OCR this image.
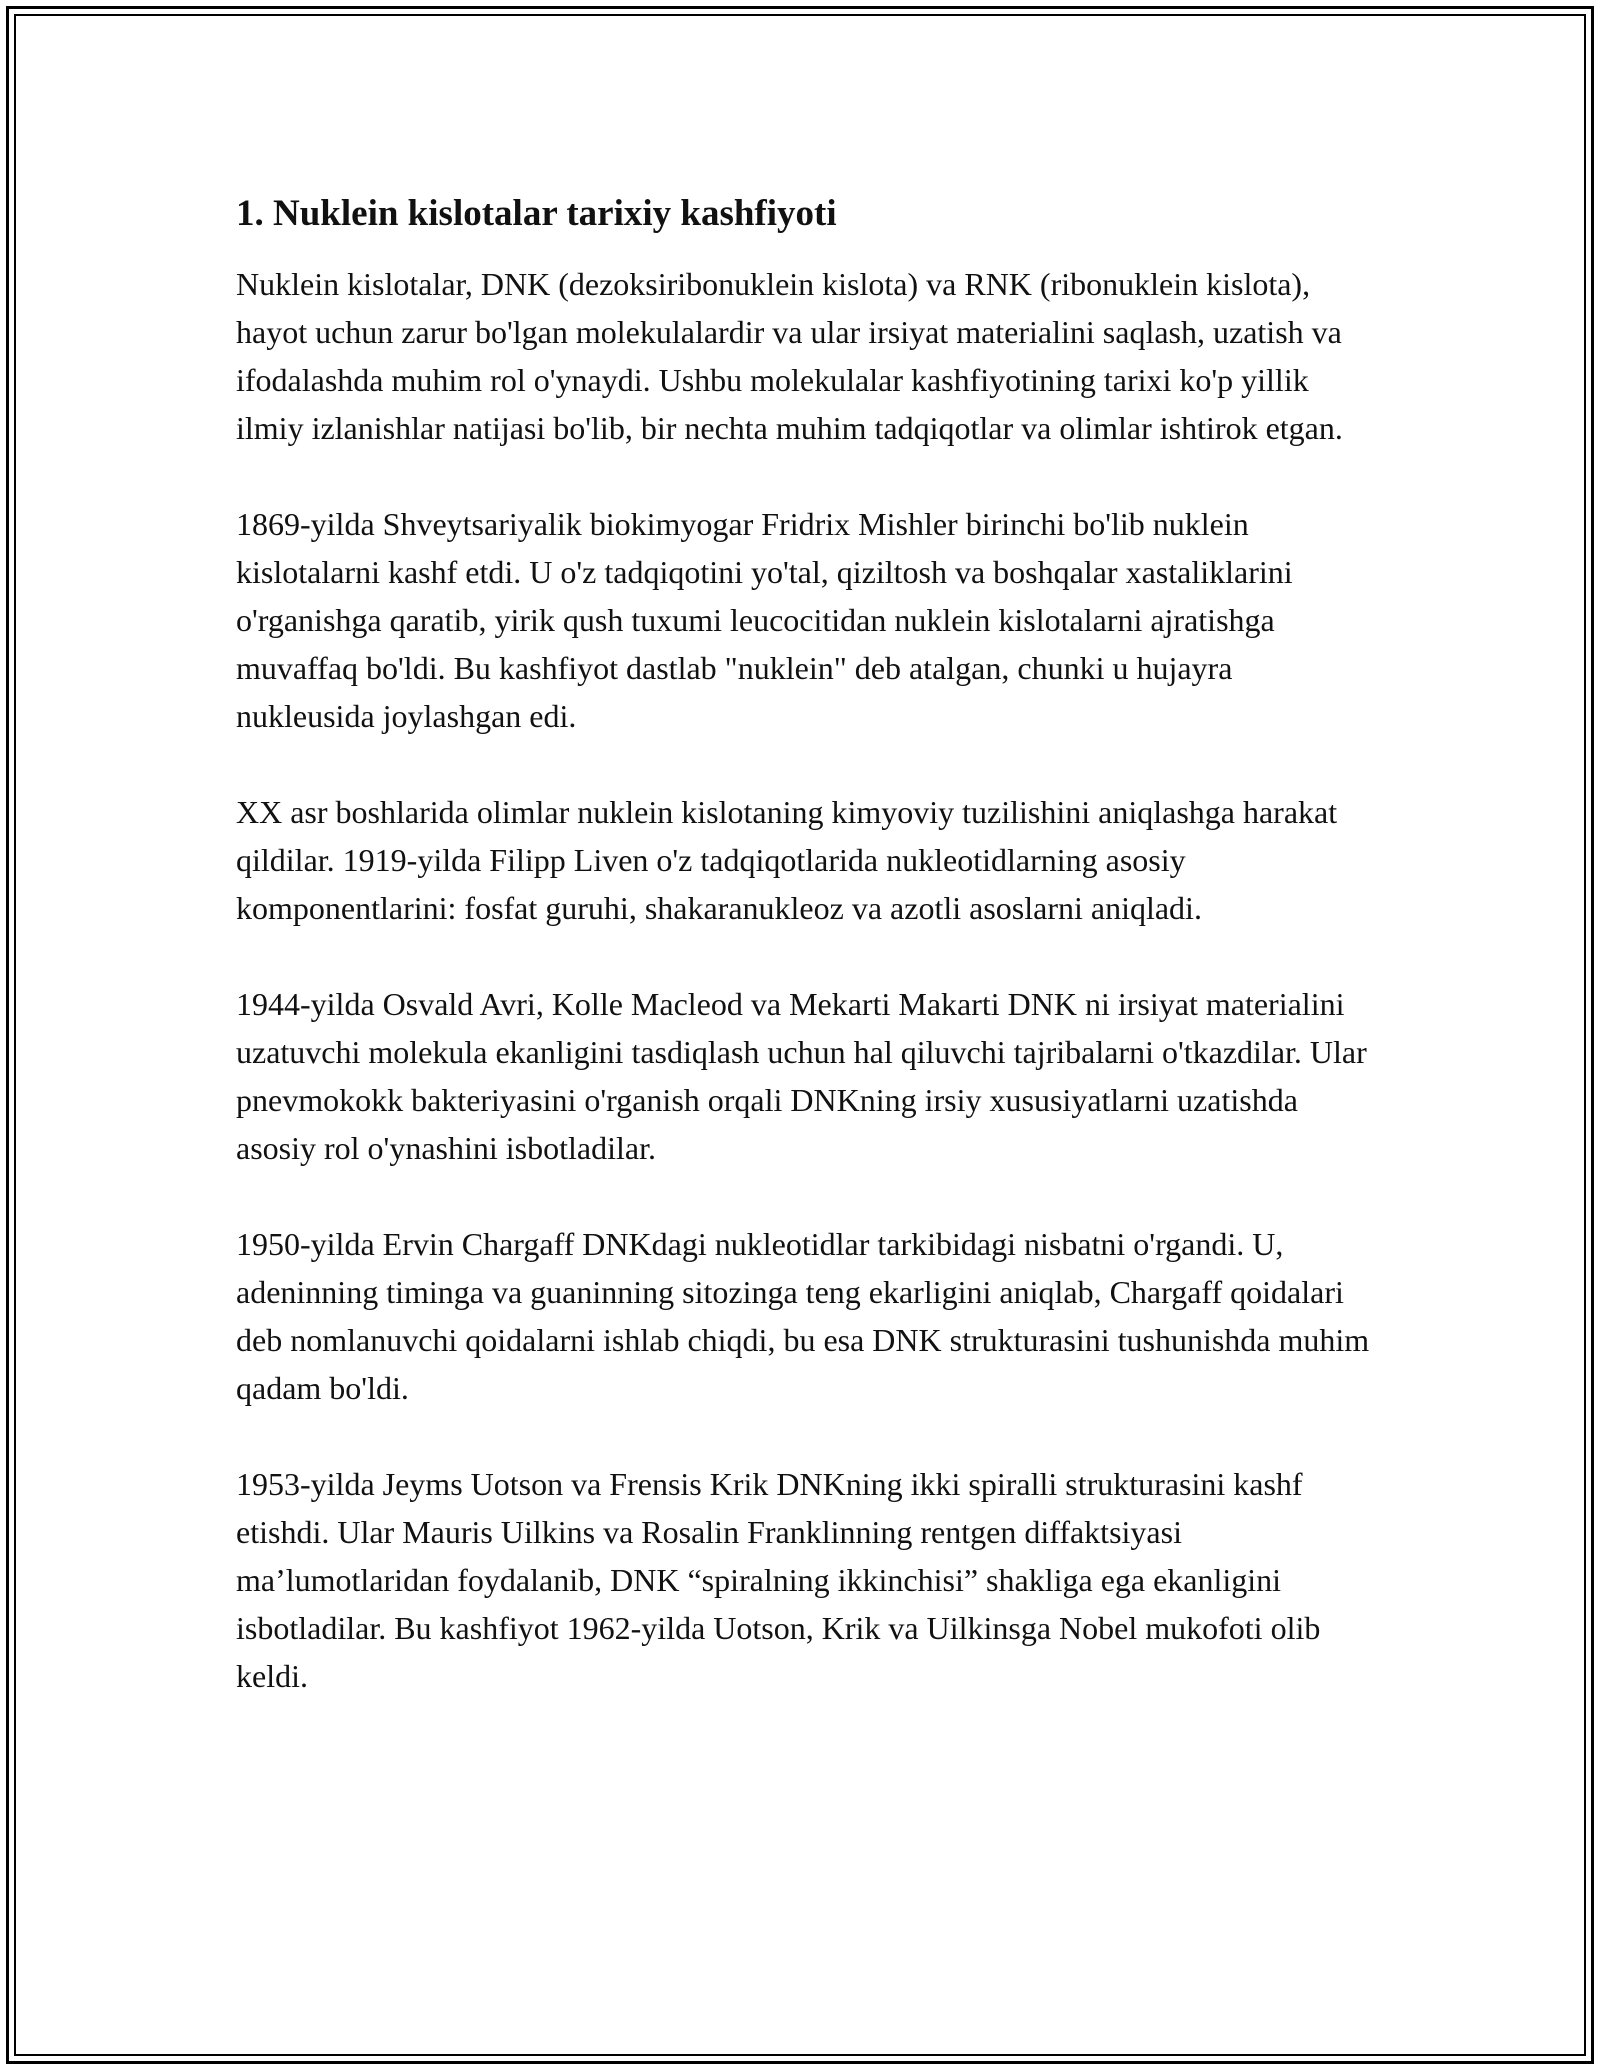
1. Nuklein kislotalar tarixiy kashfiyoti

Nuklein kislotalar, DNK (dezoksiribonuklein kislota) va RNK (ribonuklein kislota), hayot uchun zarur bo'lgan molekulalardir va ular irsiyat materialini saqlash, uzatish va ifodalashda muhim rol o'ynaydi. Ushbu molekulalar kashfiyotining tarixi ko'p yillik ilmiy izlanishlar natijasi bo'lib, bir nechta muhim tadqiqotlar va olimlar ishtirok etgan.

1869-yilda Shveytsariyalik biokimyogar Fridrix Mishler birinchi bo'lib nuklein kislotalarni kashf etdi. U o'z tadqiqotini yo'tal, qiziltosh va boshqalar xastaliklarini o'rganishga qaratib, yirik qush tuxumi leucocitidan nuklein kislotalarni ajratishga muvaffaq bo'ldi. Bu kashfiyot dastlab "nuklein" deb atalgan, chunki u hujayra nukleusida joylashgan edi.

XX asr boshlarida olimlar nuklein kislotaning kimyoviy tuzilishini aniqlashga harakat qildilar. 1919-yilda Filipp Liven o'z tadqiqotlarida nukleotidlarning asosiy komponentlarini: fosfat guruhi, shakaranukleoz va azotli asoslarni aniqladi.

1944-yilda Osvald Avri, Kolle Macleod va Mekarti Makarti DNK ni irsiyat materialini uzatuvchi molekula ekanligini tasdiqlash uchun hal qiluvchi tajribalarni o'tkazdilar. Ular pnevmokokk bakteriyasini o'rganish orqali DNKning irsiy xususiyatlarni uzatishda asosiy rol o'ynashini isbotladilar.

1950-yilda Ervin Chargaff DNKdagi nukleotidlar tarkibidagi nisbatni o'rgandi. U, adeninning timinga va guaninning sitozinga teng ekarligini aniqlab, Chargaff qoidalari deb nomlanuvchi qoidalarni ishlab chiqdi, bu esa DNK strukturasini tushunishda muhim qadam bo'ldi.

1953-yilda Jeyms Uotson va Frensis Krik DNKning ikki spiralli strukturasini kashf etishdi. Ular Mauris Uilkins va Rosalin Franklinning rentgen diffaktsiyasi ma’lumotlaridan foydalanib, DNK “spiralning ikkinchisi” shakliga ega ekanligini isbotladilar. Bu kashfiyot 1962-yilda Uotson, Krik va Uilkinsga Nobel mukofoti olib keldi.
